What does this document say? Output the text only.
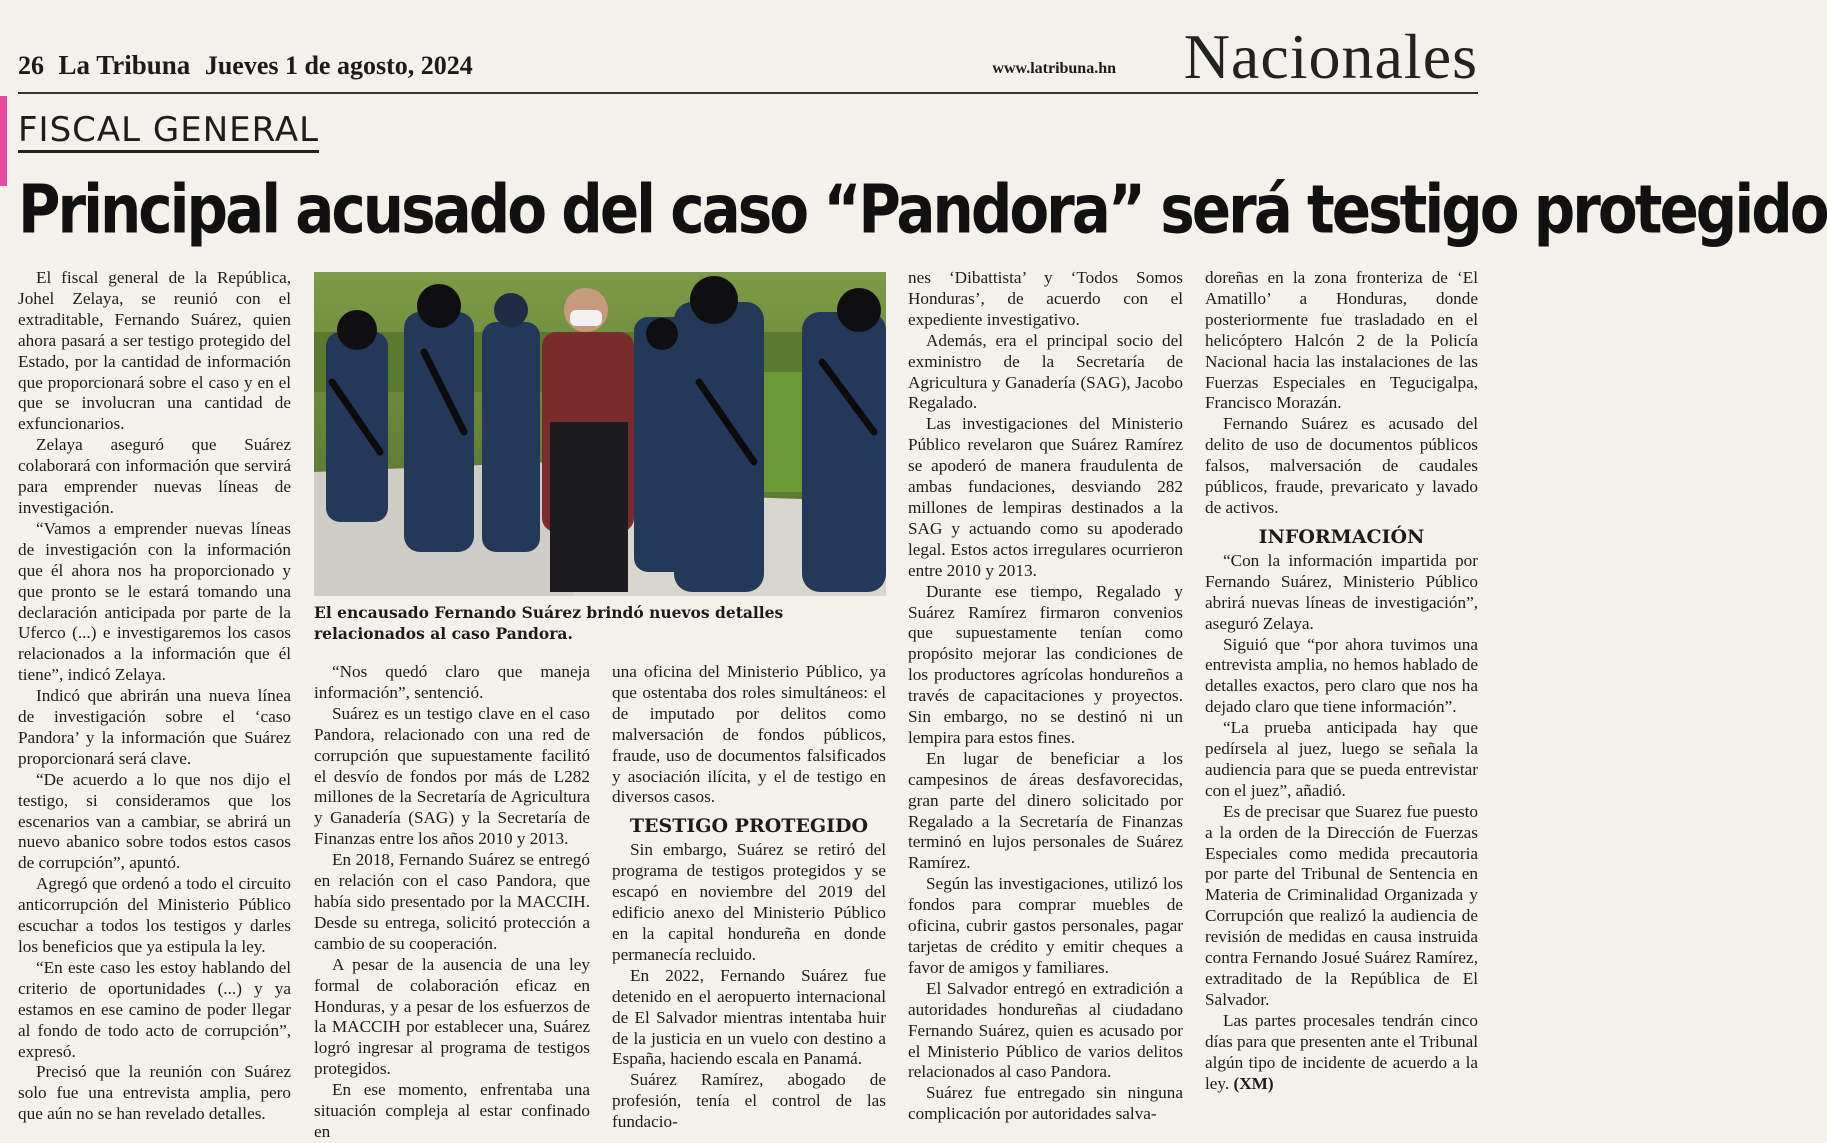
26 La Tribuna Jueves 1 de agosto, 2024	www.latribuna.hn Nacionales
FISCAL GENERAL
Principal acusado del caso “Pandora” será testigo protegido
El encausado Fernando Suárez brindó nuevos detalles relacionados al caso Pandora.

El fiscal general de la República, Johel Zelaya, se reunió con el extraditable, Fernando Suárez, quien ahora pasará a ser testigo protegido del Estado, por la cantidad de información que proporcionará sobre el caso y en el que se involucran una cantidad de exfuncionarios.

Zelaya aseguró que Suárez colaborará con información que servirá para emprender nuevas líneas de investigación.

“Vamos a emprender nuevas líneas de investigación con la información que él ahora nos ha proporcionado y que pronto se le estará tomando una declaración anticipada por parte de la Uferco (...) e investigaremos los casos relacionados a la información que él tiene”, indicó Zelaya.

Indicó que abrirán una nueva línea de investigación sobre el ‘caso Pandora’ y la información que Suárez proporcionará será clave.

“De acuerdo a lo que nos dijo el testigo, si consideramos que los escenarios van a cambiar, se abrirá un nuevo abanico sobre todos estos casos de corrupción”, apuntó.

Agregó que ordenó a todo el circuito anticorrupción del Ministerio Público escuchar a todos los testigos y darles los beneficios que ya estipula la ley.

“En este caso les estoy hablando del criterio de oportunidades (...) y ya estamos en ese camino de poder llegar al fondo de todo acto de corrupción”, expresó.

Precisó que la reunión con Suárez solo fue una entrevista amplia, pero que aún no se han revelado detalles.

“Nos quedó claro que maneja información”, sentenció.

Suárez es un testigo clave en el caso Pandora, relacionado con una red de corrupción que supuestamente facilitó el desvío de fondos por más de L282 millones de la Secretaría de Agricultura y Ganadería (SAG) y la Secretaría de Finanzas entre los años 2010 y 2013.

En 2018, Fernando Suárez se entregó en relación con el caso Pandora, que había sido presentado por la MACCIH. Desde su entrega, solicitó protección a cambio de su cooperación.

A pesar de la ausencia de una ley formal de colaboración eficaz en Honduras, y a pesar de los esfuerzos de la MACCIH por establecer una, Suárez logró ingresar al programa de testigos protegidos.

En ese momento, enfrentaba una situación compleja al estar confinado en

una oficina del Ministerio Público, ya que ostentaba dos roles simultáneos: el de imputado por delitos como malversación de fondos públicos, fraude, uso de documentos falsificados y asociación ilícita, y el de testigo en diversos casos.

TESTIGO PROTEGIDO

Sin embargo, Suárez se retiró del programa de testigos protegidos y se escapó en noviembre del 2019 del edificio anexo del Ministerio Público en la capital hondureña en donde permanecía recluido.

En 2022, Fernando Suárez fue detenido en el aeropuerto internacional de El Salvador mientras intentaba huir de la justicia en un vuelo con destino a España, haciendo escala en Panamá.

Suárez Ramírez, abogado de profesión, tenía el control de las fundacio-

nes ‘Dibattista’ y ‘Todos Somos Honduras’, de acuerdo con el expediente investigativo.

Además, era el principal socio del exministro de la Secretaría de Agricultura y Ganadería (SAG), Jacobo Regalado.

Las investigaciones del Ministerio Público revelaron que Suárez Ramírez se apoderó de manera fraudulenta de ambas fundaciones, desviando 282 millones de lempiras destinados a la SAG y actuando como su apoderado legal. Estos actos irregulares ocurrieron entre 2010 y 2013.

Durante ese tiempo, Regalado y Suárez Ramírez firmaron convenios que supuestamente tenían como propósito mejorar las condiciones de los productores agrícolas hondureños a través de capacitaciones y proyectos. Sin embargo, no se destinó ni un lempira para estos fines.

En lugar de beneficiar a los campesinos de áreas desfavorecidas, gran parte del dinero solicitado por Regalado a la Secretaría de Finanzas terminó en lujos personales de Suárez Ramírez.

Según las investigaciones, utilizó los fondos para comprar muebles de oficina, cubrir gastos personales, pagar tarjetas de crédito y emitir cheques a favor de amigos y familiares.

El Salvador entregó en extradición a autoridades hondureñas al ciudadano Fernando Suárez, quien es acusado por el Ministerio Público de varios delitos relacionados al caso Pandora.

Suárez fue entregado sin ninguna complicación por autoridades salva-

doreñas en la zona fronteriza de ‘El Amatillo’ a Honduras, donde posteriormente fue trasladado en el helicóptero Halcón 2 de la Policía Nacional hacia las instalaciones de las Fuerzas Especiales en Tegucigalpa, Francisco Morazán.

Fernando Suárez es acusado del delito de uso de documentos públicos falsos, malversación de caudales públicos, fraude, prevaricato y lavado de activos.

INFORMACIÓN

“Con la información impartida por Fernando Suárez, Ministerio Público abrirá nuevas líneas de investigación”, aseguró Zelaya.

Siguió que “por ahora tuvimos una entrevista amplia, no hemos hablado de detalles exactos, pero claro que nos ha dejado claro que tiene información”.

“La prueba anticipada hay que pedírsela al juez, luego se señala la audiencia para que se pueda entrevistar con el juez”, añadió.

Es de precisar que Suarez fue puesto a la orden de la Dirección de Fuerzas Especiales como medida precautoria por parte del Tribunal de Sentencia en Materia de Criminalidad Organizada y Corrupción que realizó la audiencia de revisión de medidas en causa instruida contra Fernando Josué Suárez Ramírez, extraditado de la República de El Salvador.

Las partes procesales tendrán cinco días para que presenten ante el Tribunal algún tipo de incidente de acuerdo a la ley. (XM)
